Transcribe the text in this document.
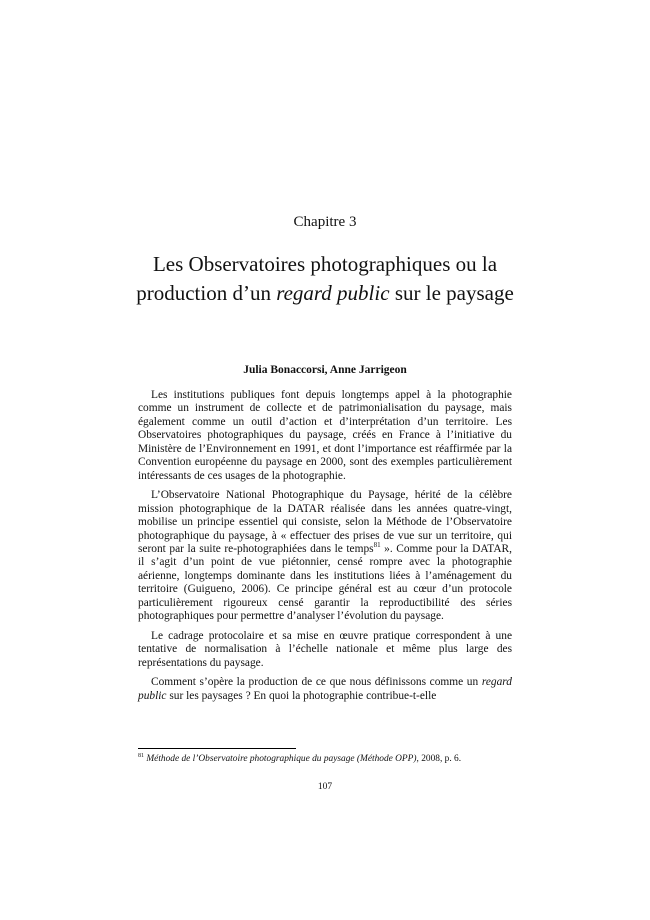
Chapitre 3
Les Observatoires photographiques ou la
production d’un regard public sur le paysage
Julia Bonaccorsi, Anne Jarrigeon

Les institutions publiques font depuis longtemps appel à la photographie comme un instrument de collecte et de patrimonialisation du paysage, mais également comme un outil d’action et d’interprétation d’un territoire. Les Observatoires photographiques du paysage, créés en France à l’initiative du Ministère de l’Environnement en 1991, et dont l’importance est réaffirmée par la Convention européenne du paysage en 2000, sont des exemples particulièrement intéressants de ces usages de la photographie.

L’Observatoire National Photographique du Paysage, hérité de la célèbre mission photographique de la DATAR réalisée dans les années quatre-vingt, mobilise un principe essentiel qui consiste, selon la Méthode de l’Observatoire photographique du paysage, à « effectuer des prises de vue sur un territoire, qui seront par la suite re-photographiées dans le temps$^{81}$ ». Comme pour la DATAR, il s’agit d’un point de vue piétonnier, censé rompre avec la photographie aérienne, longtemps dominante dans les institutions liées à l’aménagement du territoire (Guigueno, 2006). Ce principe général est au cœur d’un protocole particulièrement rigoureux censé garantir la reproductibilité des séries photographiques pour permettre d’analyser l’évolution du paysage.

Le cadrage protocolaire et sa mise en œuvre pratique correspondent à une tentative de normalisation à l’échelle nationale et même plus large des représentations du paysage.

Comment s’opère la production de ce que nous définissons comme un regard public sur les paysages ? En quoi la photographie contribue-t-elle

$^{81}$ Méthode de l’Observatoire photographique du paysage (Méthode OPP), 2008, p. 6.
107
